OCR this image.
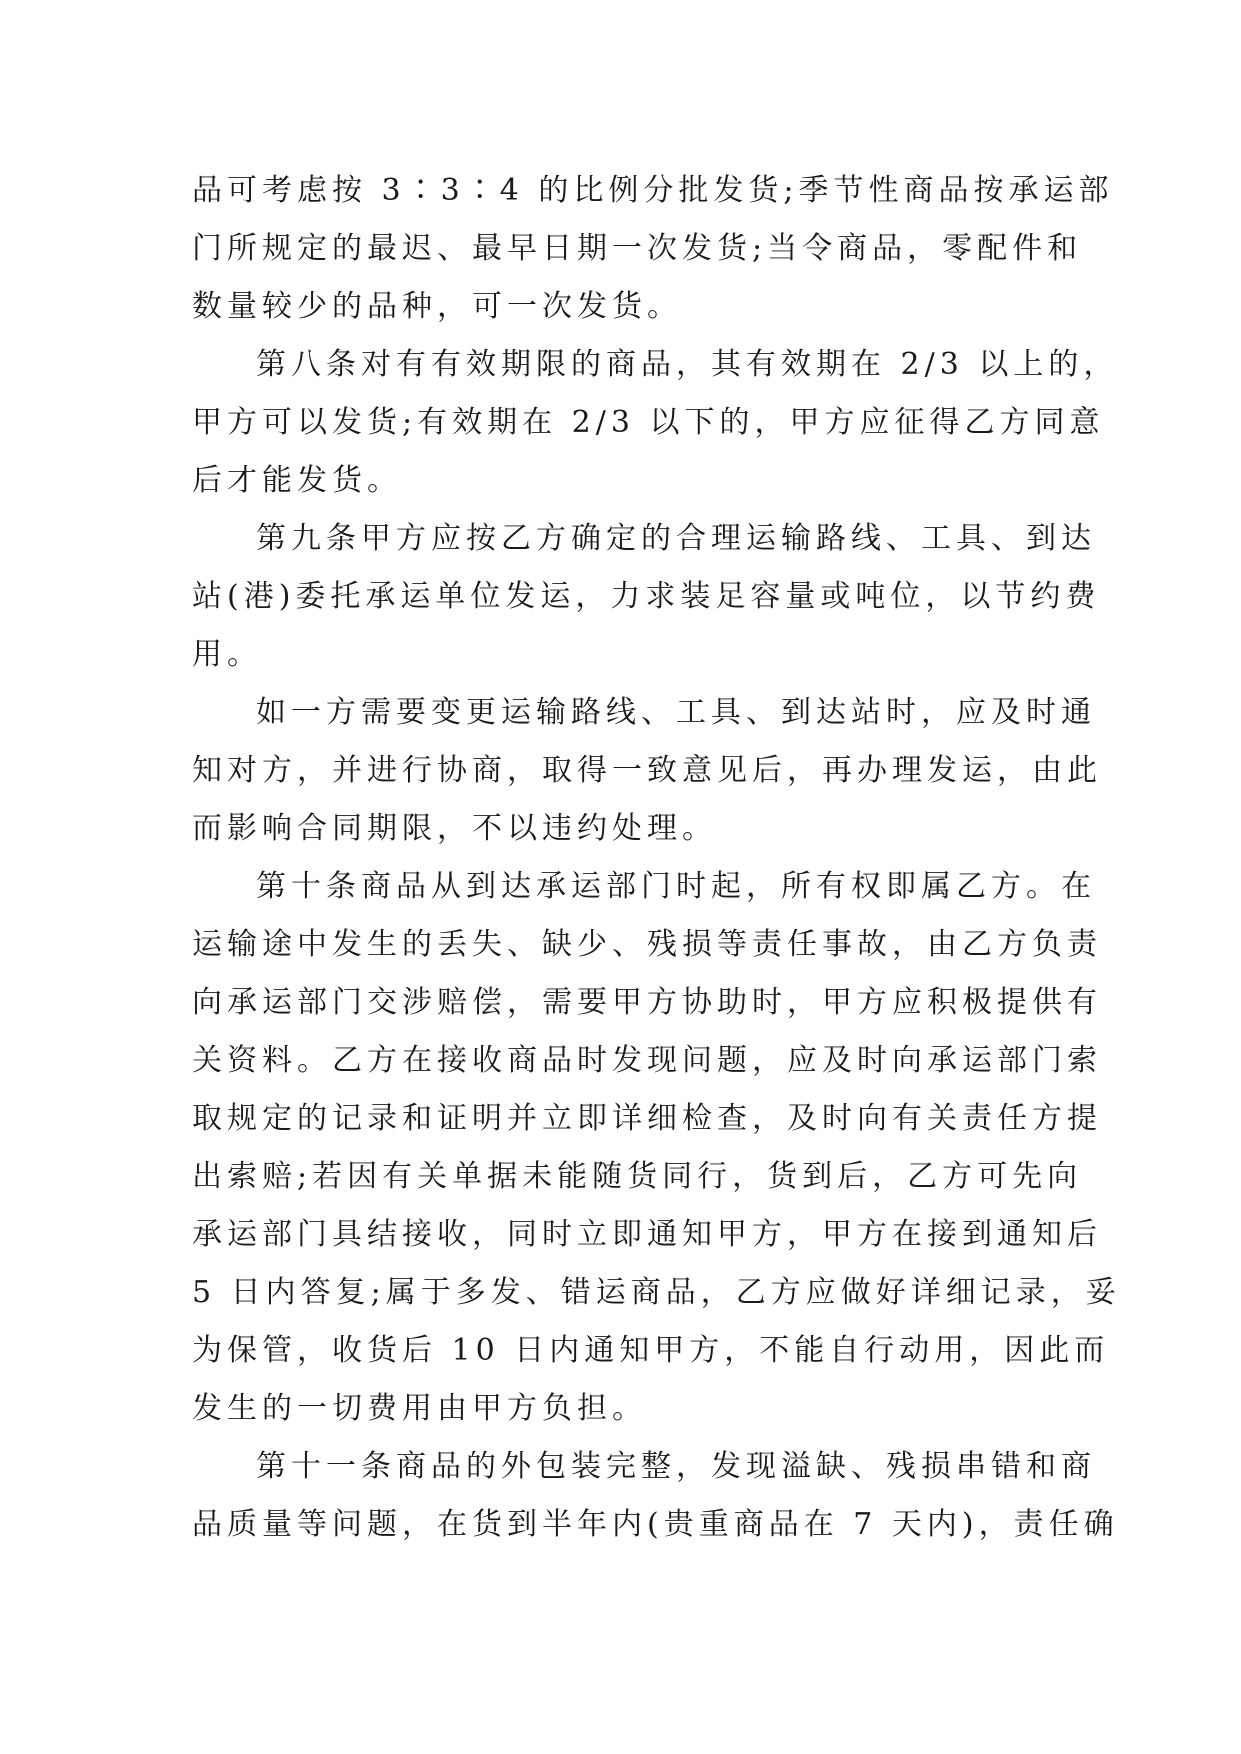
品可考虑按 3∶3∶4 的比例分批发货;季节性商品按承运部

门所规定的最迟、最早日期一次发货;当令商品，零配件和

数量较少的品种，可一次发货。

第八条对有有效期限的商品，其有效期在 2/3 以上的，

甲方可以发货;有效期在 2/3 以下的，甲方应征得乙方同意

后才能发货。

第九条甲方应按乙方确定的合理运输路线、工具、到达

站(港)委托承运单位发运，力求装足容量或吨位，以节约费

用。

如一方需要变更运输路线、工具、到达站时，应及时通

知对方，并进行协商，取得一致意见后，再办理发运，由此

而影响合同期限，不以违约处理。

第十条商品从到达承运部门时起，所有权即属乙方。在

运输途中发生的丢失、缺少、残损等责任事故，由乙方负责

向承运部门交涉赔偿，需要甲方协助时，甲方应积极提供有

关资料。乙方在接收商品时发现问题，应及时向承运部门索

取规定的记录和证明并立即详细检查，及时向有关责任方提

出索赔;若因有关单据未能随货同行，货到后，乙方可先向

承运部门具结接收，同时立即通知甲方，甲方在接到通知后

5 日内答复;属于多发、错运商品，乙方应做好详细记录，妥

为保管，收货后 10 日内通知甲方，不能自行动用，因此而

发生的一切费用由甲方负担。

第十一条商品的外包装完整，发现溢缺、残损串错和商

品质量等问题，在货到半年内(贵重商品在 7 天内)，责任确
